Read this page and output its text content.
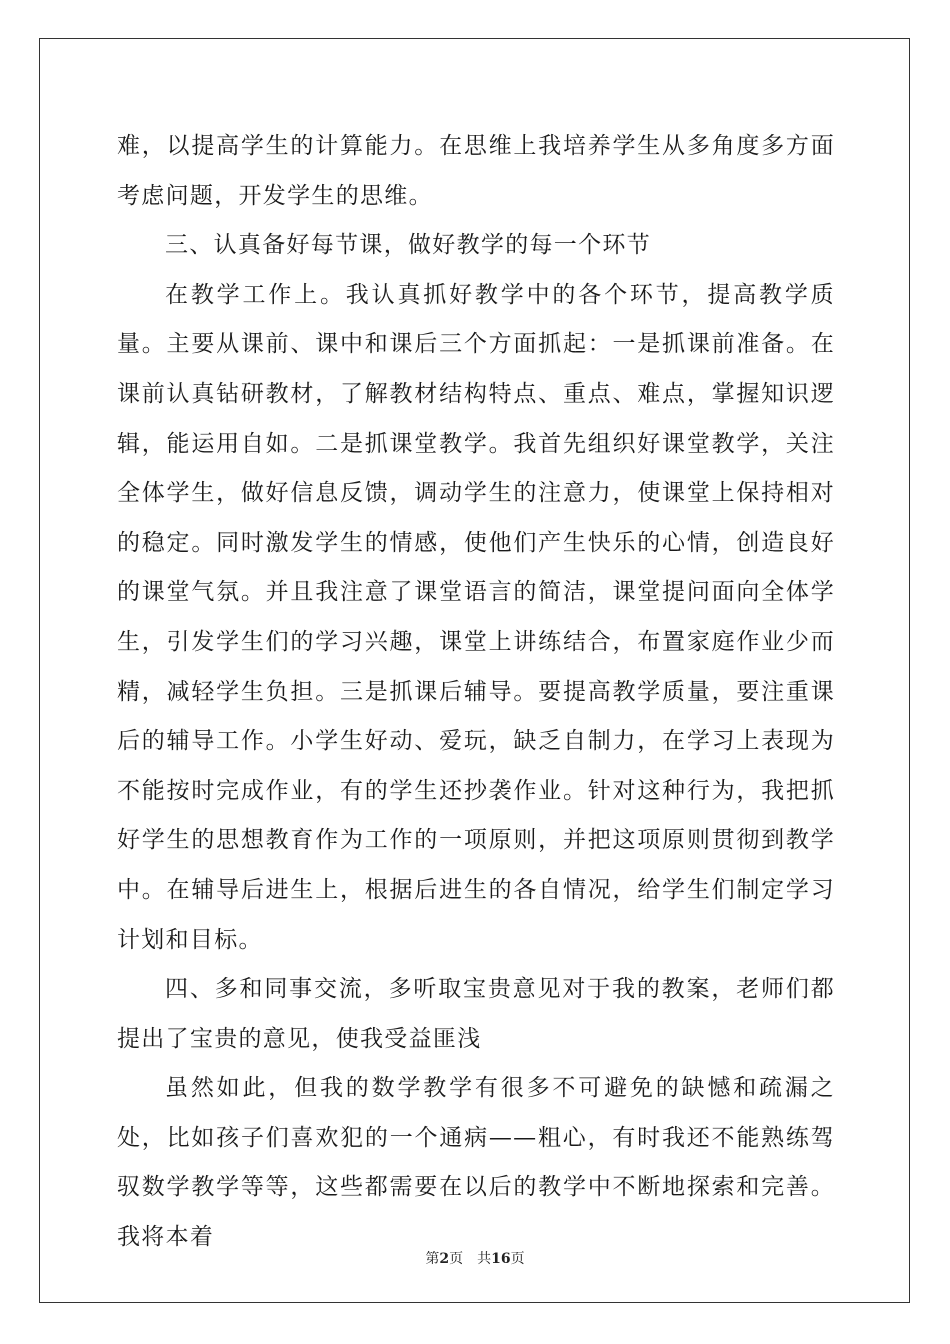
难，以提高学生的计算能力。在思维上我培养学生从多角度多方面考虑问题，开发学生的思维。

三、认真备好每节课，做好教学的每一个环节

在教学工作上。我认真抓好教学中的各个环节，提高教学质量。主要从课前、课中和课后三个方面抓起：一是抓课前准备。在课前认真钻研教材，了解教材结构特点、重点、难点，掌握知识逻辑，能运用自如。二是抓课堂教学。我首先组织好课堂教学，关注全体学生，做好信息反馈，调动学生的注意力，使课堂上保持相对的稳定。同时激发学生的情感，使他们产生快乐的心情，创造良好的课堂气氛。并且我注意了课堂语言的简洁，课堂提问面向全体学生，引发学生们的学习兴趣，课堂上讲练结合，布置家庭作业少而精，减轻学生负担。三是抓课后辅导。要提高教学质量，要注重课后的辅导工作。小学生好动、爱玩，缺乏自制力，在学习上表现为不能按时完成作业，有的学生还抄袭作业。针对这种行为，我把抓好学生的思想教育作为工作的一项原则，并把这项原则贯彻到教学中。在辅导后进生上，根据后进生的各自情况，给学生们制定学习计划和目标。

四、多和同事交流，多听取宝贵意见对于我的教案，老师们都提出了宝贵的意见，使我受益匪浅

虽然如此，但我的数学教学有很多不可避免的缺憾和疏漏之处，比如孩子们喜欢犯的一个通病——粗心，有时我还不能熟练驾驭数学教学等等，这些都需要在以后的教学中不断地探索和完善。我将本着

第2页 共16页
